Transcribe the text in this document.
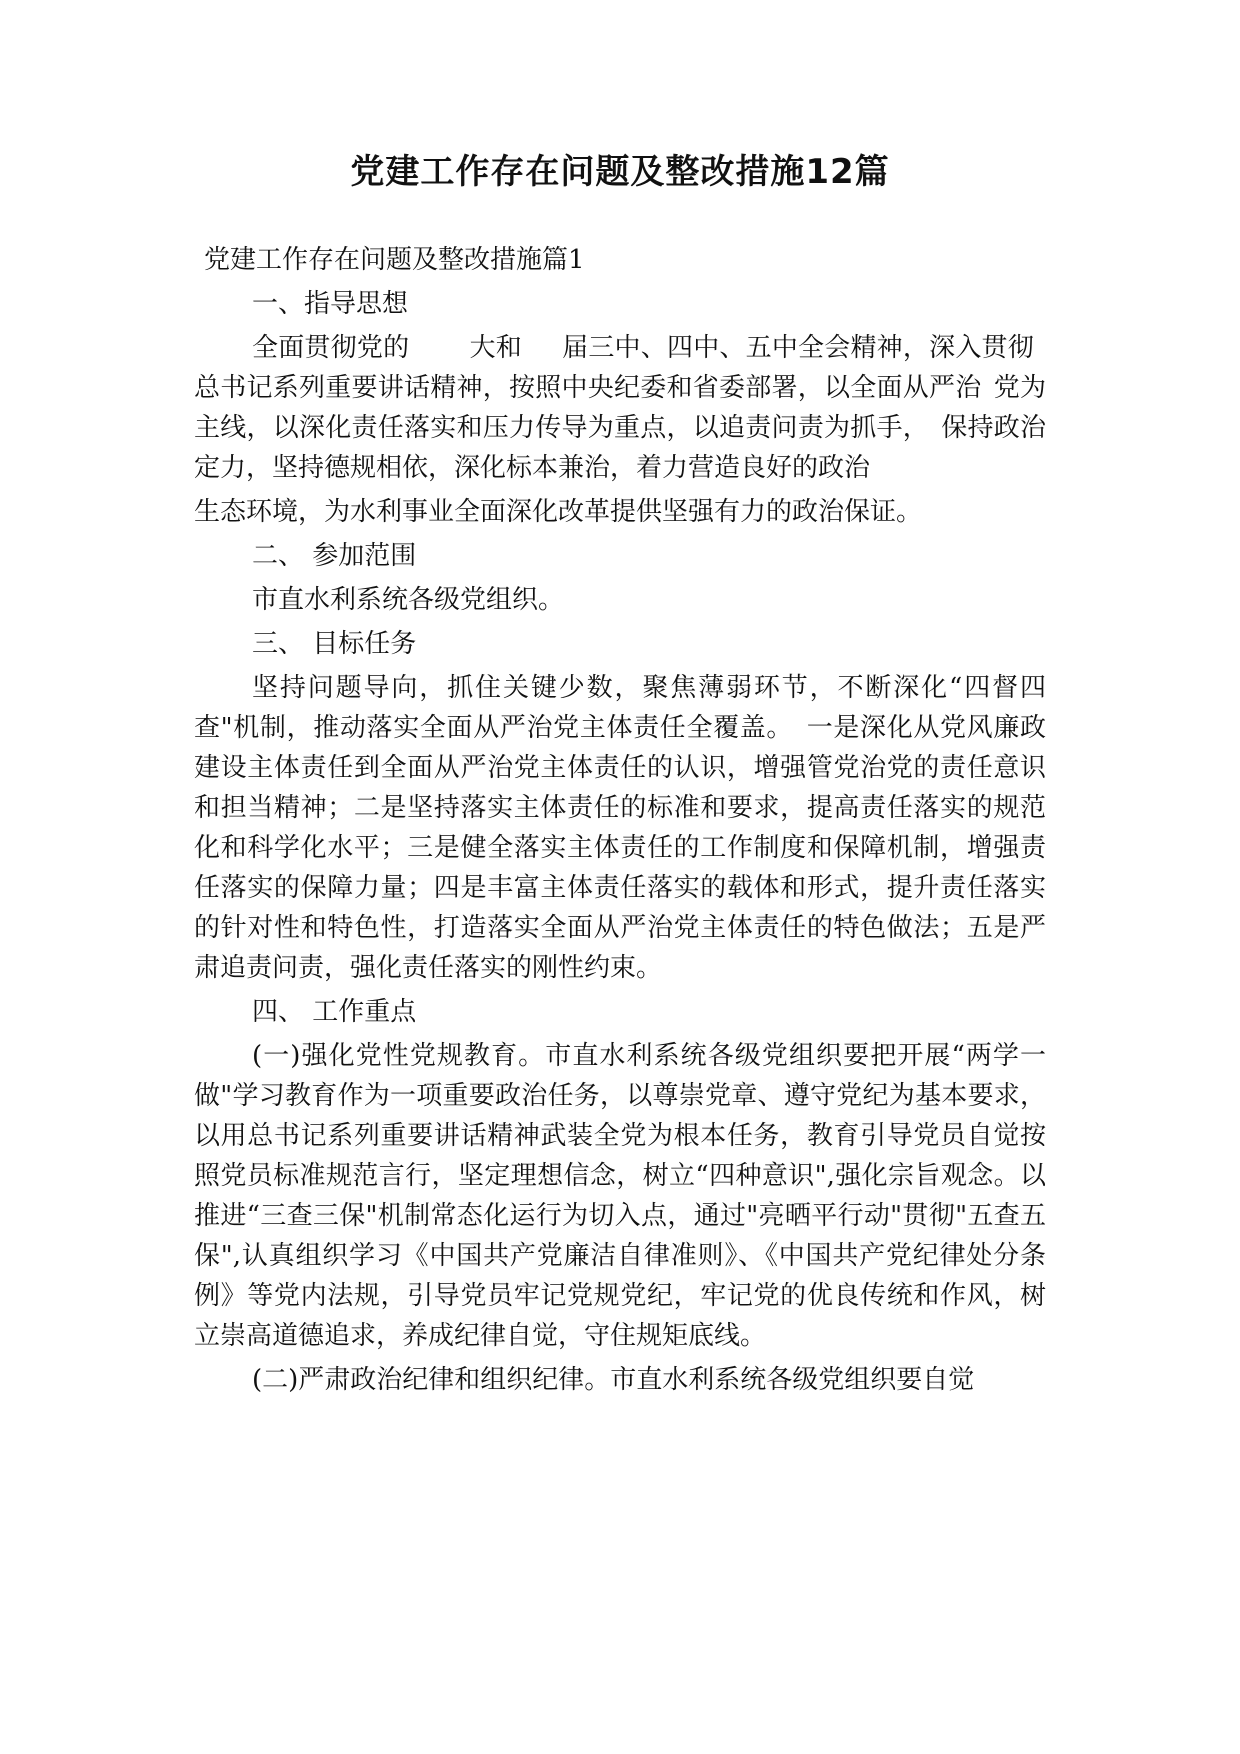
党建工作存在问题及整改措施12篇

党建工作存在问题及整改措施篇1

一、指导思想

全面贯彻党的 大和 届三中、四中、五中全会精神，深入贯彻总书记系列重要讲话精神，按照中央纪委和省委部署，以全面从严治 党为主线，以深化责任落实和压力传导为重点，以追责问责为抓手， 保持政治定力，坚持德规相依，深化标本兼治，着力营造良好的政治

生态环境，为水利事业全面深化改革提供坚强有力的政治保证。

二、 参加范围

市直水利系统各级党组织。

三、 目标任务

坚持问题导向，抓住关键少数，聚焦薄弱环节，不断深化“四督四查"机制，推动落实全面从严治党主体责任全覆盖。　一是深化从党风廉政建设主体责任到全面从严治党主体责任的认识，增强管党治党的责任意识和担当精神；二是坚持落实主体责任的标准和要求，提高责任落实的规范化和科学化水平；三是健全落实主体责任的工作制度和保障机制，增强责任落实的保障力量；四是丰富主体责任落实的载体和形式，提升责任落实的针对性和特色性，打造落实全面从严治党主体责任的特色做法；五是严肃追责问责，强化责任落实的刚性约束。

四、 工作重点

(一)强化党性党规教育。市直水利系统各级党组织要把开展“两学一做"学习教育作为一项重要政治任务，以尊崇党章、遵守党纪为基本要求，以用总书记系列重要讲话精神武装全党为根本任务，教育引导党员自觉按照党员标准规范言行，坚定理想信念，树立“四种意识",强化宗旨观念。以推进“三查三保"机制常态化运行为切入点，通过"亮晒平行动"贯彻"五查五保",认真组织学习《中国共产党廉洁自律准则》、《中国共产党纪律处分条例》等党内法规，引导党员牢记党规党纪，牢记党的优良传统和作风，树立崇高道德追求，养成纪律自觉，守住规矩底线。

(二)严肃政治纪律和组织纪律。市直水利系统各级党组织要自觉
